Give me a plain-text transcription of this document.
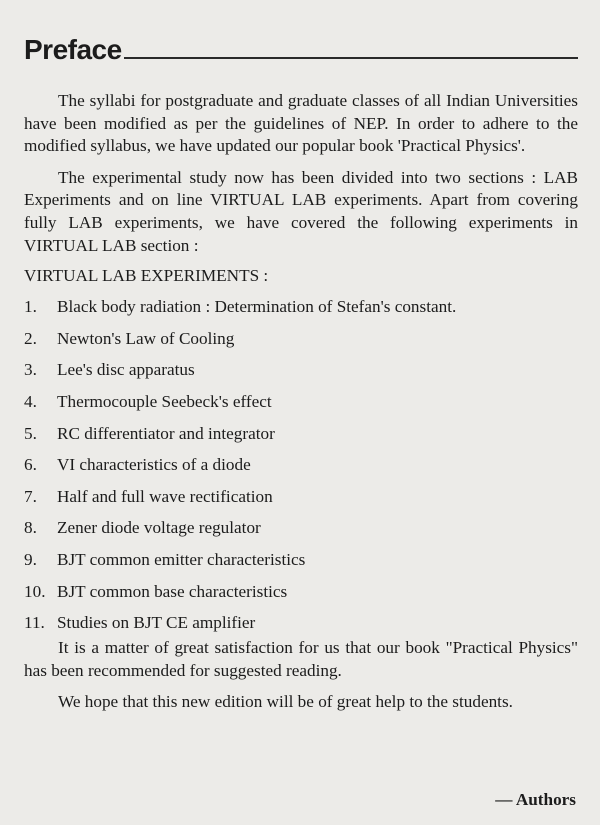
Preface

The syllabi for postgraduate and graduate classes of all Indian Universities have been modified as per the guidelines of NEP. In order to adhere to the modified syllabus, we have updated our popular book 'Practical Physics'.

The experimental study now has been divided into two sections : LAB Experiments and on line VIRTUAL LAB experiments. Apart from covering fully LAB experiments, we have covered the following experiments in VIRTUAL LAB section :

VIRTUAL LAB EXPERIMENTS :
1.	Black body radiation : Determination of Stefan's constant.
2.	Newton's Law of Cooling
3.	Lee's disc apparatus
4.	Thermocouple Seebeck's effect
5.	RC differentiator and integrator
6.	VI characteristics of a diode
7.	Half and full wave rectification
8.	Zener diode voltage regulator
9.	BJT common emitter characteristics
10. BJT common base characteristics
11. Studies on BJT CE amplifier

It is a matter of great satisfaction for us that our book "Practical Physics" has been recommended for suggested reading.

We hope that this new edition will be of great help to the students.

— Authors
